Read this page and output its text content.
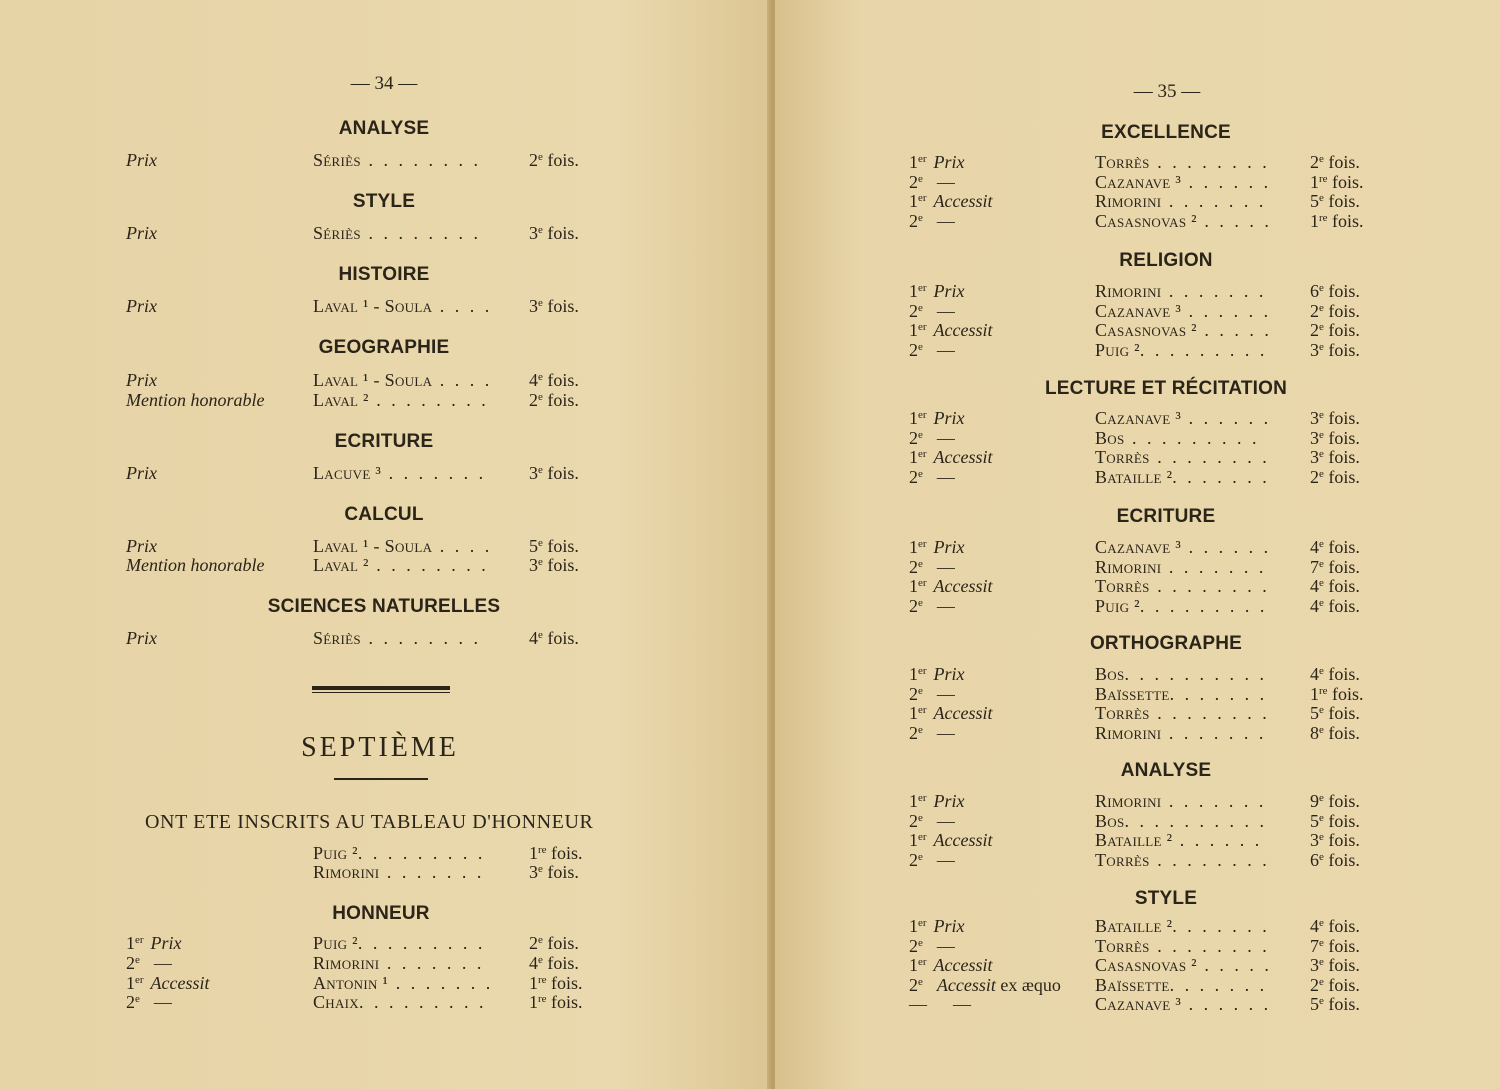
— 34 —
ANALYSE
Prix	Sériès . . . . . . . .	2e fois.
STYLE
Prix	Sériès . . . . . . . .	3e fois.
HISTOIRE
Prix	Laval ¹ - Soula . . . . 3e fois.
GEOGRAPHIE
Prix	Laval ¹ - Soula . . . . 4e fois.
Mention honorable	Laval ² . . . . . . . . 2e fois.
ECRITURE
Prix	Lacuve ³ . . . . . . . 3e fois.
CALCUL
Prix	Laval ¹ - Soula . . . . 5e fois.
Mention honorable	Laval ² . . . . . . . . 3e fois.
SCIENCES NATURELLES
Prix	Sériès . . . . . . . .	4e fois.
Puig ². . . . . . . . . 1re fois.
Rimorini . . . . . . . 3e fois.
HONNEUR
1er Prix	Puig ². . . . . . . . . 2e fois.
2e —	Rimorini . . . . . . . 4e fois.
1er Accessit	Antonin ¹ . . . . . . . 1re fois.
2e —	Chaix. . . . . . . . . 1re fois.
SEPTIÈME
ONT ETE INSCRITS AU TABLEAU D'HONNEUR
— 35 —
EXCELLENCE
1er Prix	Torrès . . . . . . . . 2e fois.
2e —	Cazanave ³ . . . . . . 1re fois.
1er Accessit	Rimorini . . . . . . . 5e fois.
2e —	Casasnovas ² . . . . . 1re fois.
RELIGION
1er Prix	Rimorini . . . . . . . 6e fois.
2e —	Cazanave ³ . . . . . . 2e fois.
1er Accessit	Casasnovas ² . . . . . 2e fois.
2e —	Puig ². . . . . . . . . 3e fois.
LECTURE ET RÉCITATION
1er Prix	Cazanave ³ . . . . . . 3e fois.
2e —	Bos . . . . . . . . .	3e fois.
1er Accessit	Torrès . . . . . . . . 3e fois.
2e —	Bataille ². . . . . . . 2e fois.
ECRITURE
1er Prix	Cazanave ³ . . . . . . 4e fois.
2e —	Rimorini . . . . . . . 7e fois.
1er Accessit	Torrès . . . . . . . . 4e fois.
2e —	Puig ². . . . . . . . . 4e fois.
ORTHOGRAPHE
1er Prix	Bos. . . . . . . . . . 4e fois.
2e —	Baïssette. . . . . . . 1re fois.
1er Accessit	Torrès . . . . . . . . 5e fois.
2e —	Rimorini . . . . . . . 8e fois.
ANALYSE
1er Prix	Rimorini . . . . . . . 9e fois.
2e —	Bos. . . . . . . . . . 5e fois.
1er Accessit	Bataille ² . . . . . .	3e fois.
2e —	Torrès . . . . . . . . 6e fois.
STYLE
1er Prix	Bataille ². . . . . . . 4e fois.
2e —	Torrès . . . . . . . . 7e fois.
1er Accessit	Casasnovas ² . . . . . 3e fois.
2e Accessit ex æquo Baïssette. . . . . . . 2e fois.
— —	Cazanave ³ . . . . . . 5e fois.
